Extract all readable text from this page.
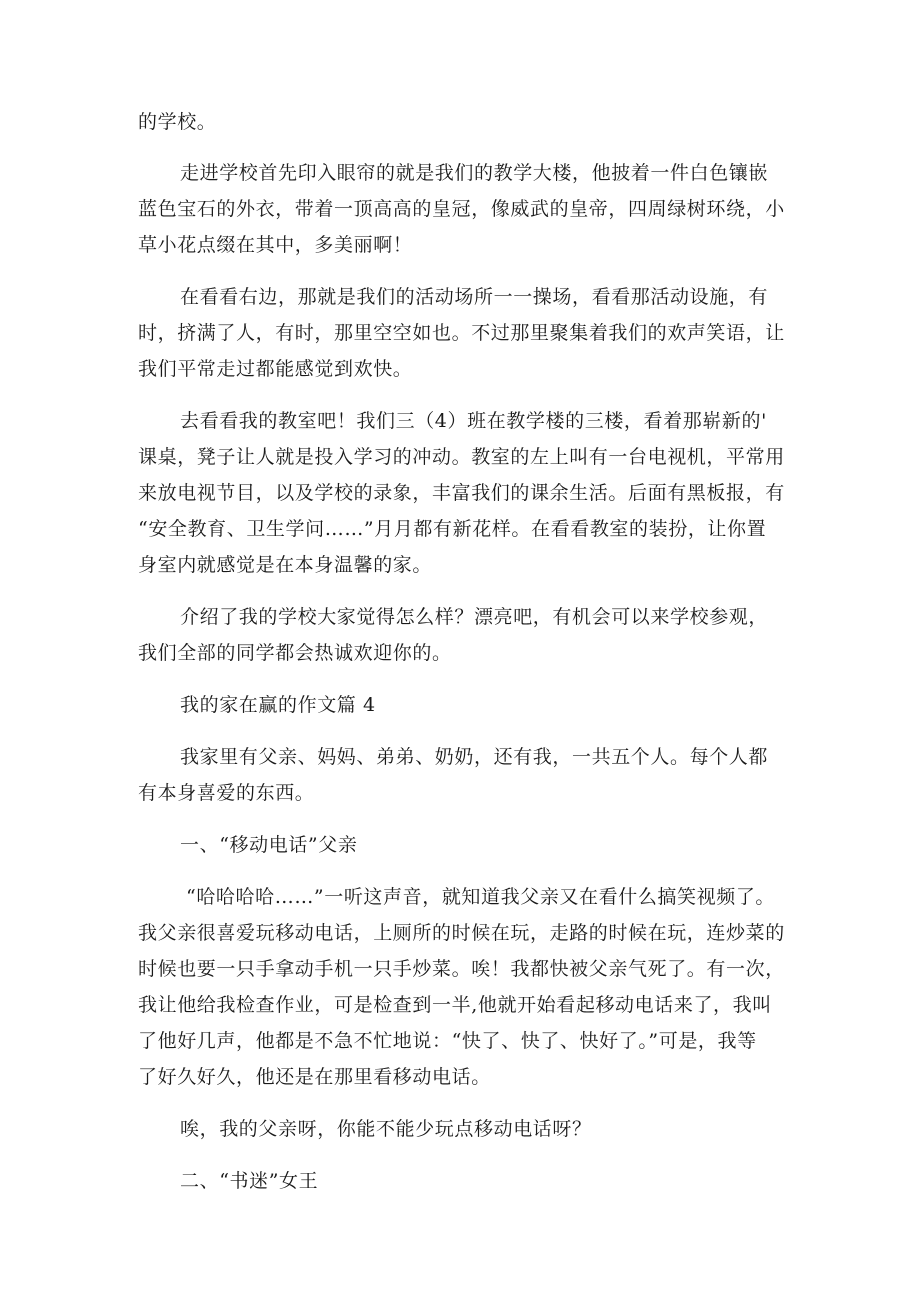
的学校。

走进学校首先印入眼帘的就是我们的教学大楼，他披着一件白色镶嵌

蓝色宝石的外衣，带着一顶高高的皇冠，像威武的皇帝，四周绿树环绕，小

草小花点缀在其中，多美丽啊！

在看看右边，那就是我们的活动场所一一操场，看看那活动设施，有

时，挤满了人，有时，那里空空如也。不过那里聚集着我们的欢声笑语，让

我们平常走过都能感觉到欢快。

去看看我的教室吧！我们三（4）班在教学楼的三楼，看着那崭新的'

课桌，凳子让人就是投入学习的冲动。教室的左上叫有一台电视机，平常用

来放电视节目，以及学校的录象，丰富我们的课余生活。后面有黑板报，有

“安全教育、卫生学问……”月月都有新花样。在看看教室的装扮，让你置

身室内就感觉是在本身温馨的家。

介绍了我的学校大家觉得怎么样？漂亮吧，有机会可以来学校参观，

我们全部的同学都会热诚欢迎你的。

我的家在赢的作文篇 4

我家里有父亲、妈妈、弟弟、奶奶，还有我，一共五个人。每个人都

有本身喜爱的东西。

一、“移动电话”父亲

“哈哈哈哈……”一听这声音，就知道我父亲又在看什么搞笑视频了。

我父亲很喜爱玩移动电话，上厕所的时候在玩，走路的时候在玩，连炒菜的

时候也要一只手拿动手机一只手炒菜。唉！我都快被父亲气死了。有一次，

我让他给我检查作业，可是检查到一半,他就开始看起移动电话来了，我叫

了他好几声，他都是不急不忙地说：“快了、快了、快好了。”可是，我等

了好久好久，他还是在那里看移动电话。

唉，我的父亲呀，你能不能少玩点移动电话呀？

二、“书迷”女王
